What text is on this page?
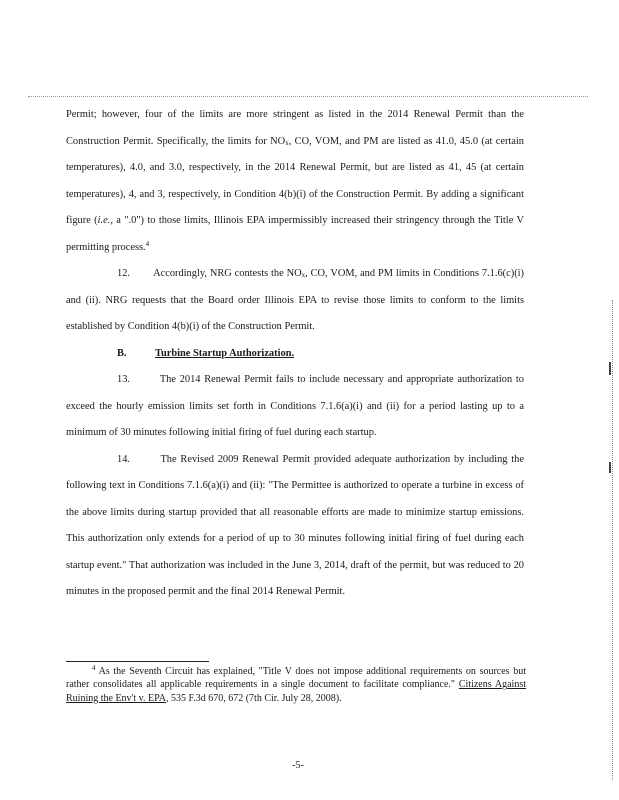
Permit; however, four of the limits are more stringent as listed in the 2014 Renewal Permit than the Construction Permit. Specifically, the limits for $NO_x$, CO, VOM, and PM are listed as 41.0, 45.0 (at certain temperatures), 4.0, and 3.0, respectively, in the 2014 Renewal Permit, but are listed as 41, 45 (at certain temperatures), 4, and 3, respectively, in Condition 4(b)(i) of the Construction Permit. By adding a significant figure (i.e., a ".0") to those limits, Illinois EPA impermissibly increased their stringency through the Title V permitting process.$^4$

12. Accordingly, NRG contests the $NO_x$, CO, VOM, and PM limits in Conditions 7.1.6(c)(i) and (ii). NRG requests that the Board order Illinois EPA to revise those limits to conform to the limits established by Condition 4(b)(i) of the Construction Permit.

B.	Turbine Startup Authorization.

13.	The 2014 Renewal Permit fails to include necessary and appropriate authorization to exceed the hourly emission limits set forth in Conditions 7.1.6(a)(i) and (ii) for a period lasting up to a minimum of 30 minutes following initial firing of fuel during each startup.

14.	The Revised 2009 Renewal Permit provided adequate authorization by including the following text in Conditions 7.1.6(a)(i) and (ii): "The Permittee is authorized to operate a turbine in excess of the above limits during startup provided that all reasonable efforts are made to minimize startup emissions. This authorization only extends for a period of up to 30 minutes following initial firing of fuel during each startup event." That authorization was included in the June 3, 2014, draft of the permit, but was reduced to 20 minutes in the proposed permit and the final 2014 Renewal Permit.

$^4$ As the Seventh Circuit has explained, "Title V does not impose additional requirements on sources but rather consolidates all applicable requirements in a single document to facilitate compliance." Citizens Against Ruining the Env't v. EPA, 535 F.3d 670, 672 (7th Cir. July 28, 2008).

-5-
